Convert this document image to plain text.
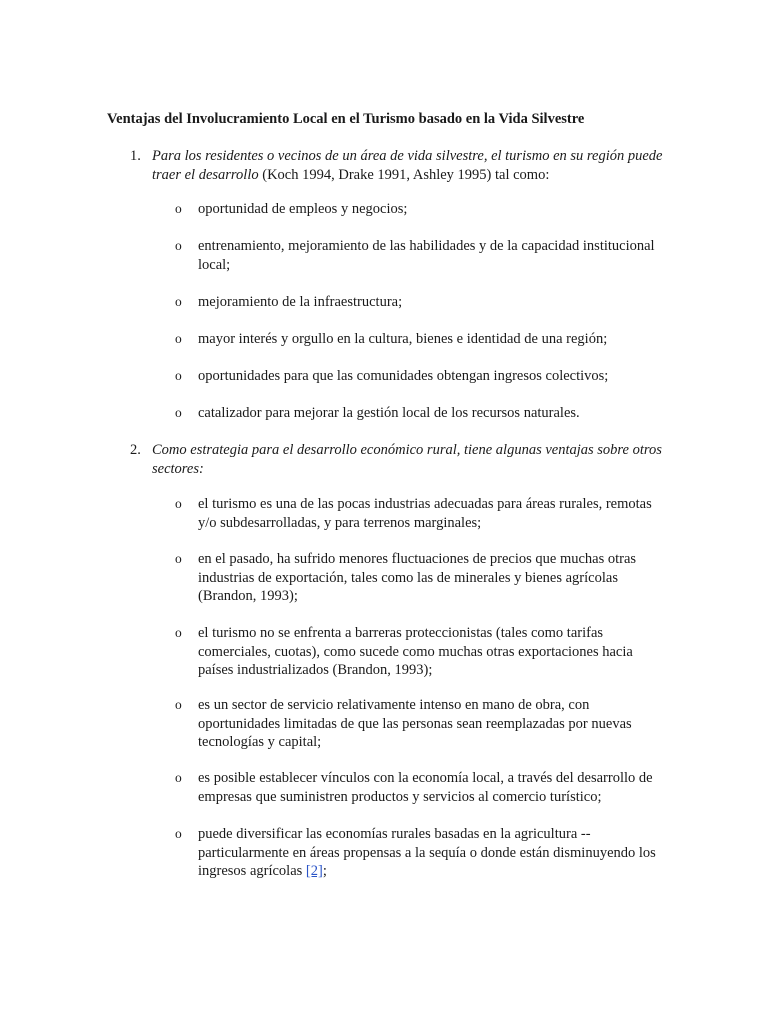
Ventajas del Involucramiento Local en el Turismo basado en la Vida Silvestre
1. Para los residentes o vecinos de un área de vida silvestre, el turismo en su región puede traer el desarrollo (Koch 1994, Drake 1991, Ashley 1995) tal como:
o oportunidad de empleos y negocios;
o entrenamiento, mejoramiento de las habilidades y de la capacidad institucional local;
o mejoramiento de la infraestructura;
o mayor interés y orgullo en la cultura, bienes e identidad de una región;
o oportunidades para que las comunidades obtengan ingresos colectivos;
o catalizador para mejorar la gestión local de los recursos naturales.
2. Como estrategia para el desarrollo económico rural, tiene algunas ventajas sobre otros sectores:
o el turismo es una de las pocas industrias adecuadas para áreas rurales, remotas y/o subdesarrolladas, y para terrenos marginales;
o en el pasado, ha sufrido menores fluctuaciones de precios que muchas otras industrias de exportación, tales como las de minerales y bienes agrícolas (Brandon, 1993);
o el turismo no se enfrenta a barreras proteccionistas (tales como tarifas comerciales, cuotas), como sucede como muchas otras exportaciones hacia países industrializados (Brandon, 1993);
o es un sector de servicio relativamente intenso en mano de obra, con oportunidades limitadas de que las personas sean reemplazadas por nuevas tecnologías y capital;
o es posible establecer vínculos con la economía local, a través del desarrollo de empresas que suministren productos y servicios al comercio turístico;
o puede diversificar las economías rurales basadas en la agricultura -- particularmente en áreas propensas a la sequía o donde están disminuyendo los ingresos agrícolas [2];
